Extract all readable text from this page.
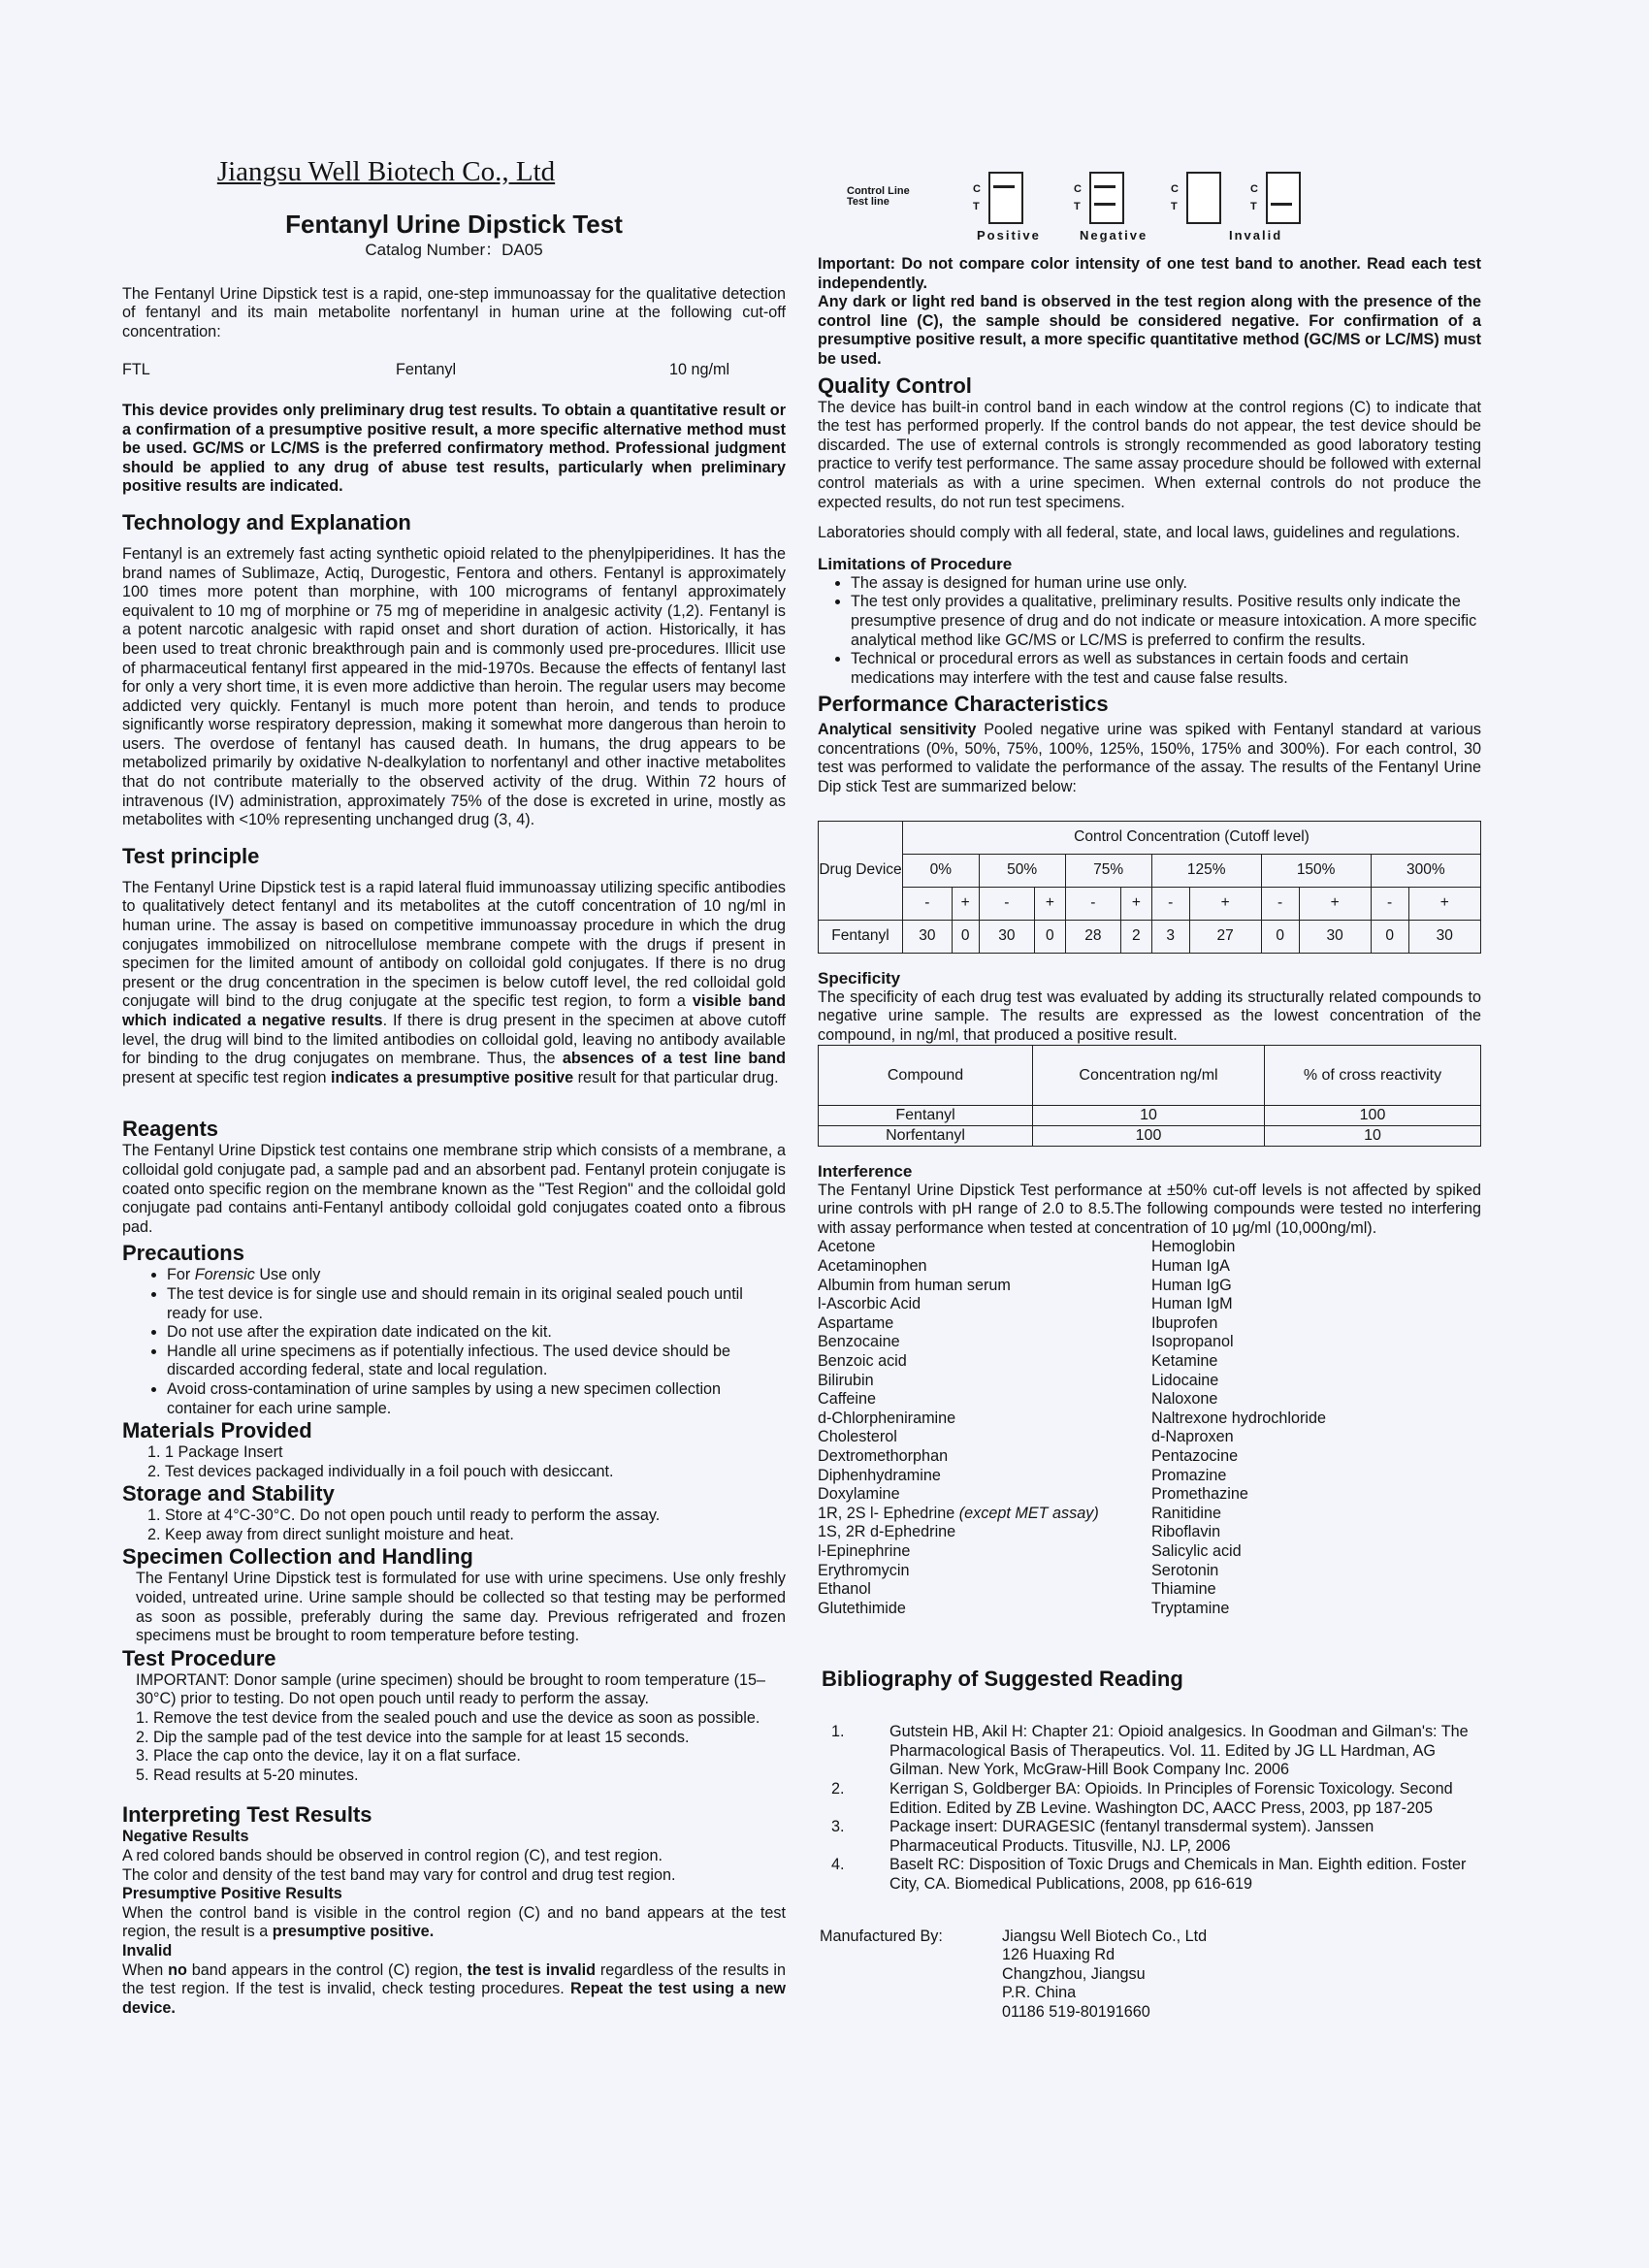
Jiangsu Well Biotech Co., Ltd
Fentanyl Urine Dipstick Test
Catalog Number：DA05

The Fentanyl Urine Dipstick test is a rapid, one-step immunoassay for the qualitative detection of fentanyl and its main metabolite norfentanyl in human urine at the following cut-off concentration:

FTL	Fentanyl	10 ng/ml

This device provides only preliminary drug test results. To obtain a quantitative result or a confirmation of a presumptive positive result, a more specific alternative method must be used. GC/MS or LC/MS is the preferred confirmatory method. Professional judgment should be applied to any drug of abuse test results, particularly when preliminary positive results are indicated.

Technology and Explanation

Fentanyl is an extremely fast acting synthetic opioid related to the phenylpiperidines. It has the brand names of Sublimaze, Actiq, Durogestic, Fentora and others. Fentanyl is approximately 100 times more potent than morphine, with 100 micrograms of fentanyl approximately equivalent to 10 mg of morphine or 75 mg of meperidine in analgesic activity (1,2). Fentanyl is a potent narcotic analgesic with rapid onset and short duration of action. Historically, it has been used to treat chronic breakthrough pain and is commonly used pre-procedures. Illicit use of pharmaceutical fentanyl first appeared in the mid-1970s. Because the effects of fentanyl last for only a very short time, it is even more addictive than heroin. The regular users may become addicted very quickly. Fentanyl is much more potent than heroin, and tends to produce significantly worse respiratory depression, making it somewhat more dangerous than heroin to users. The overdose of fentanyl has caused death. In humans, the drug appears to be metabolized primarily by oxidative N-dealkylation to norfentanyl and other inactive metabolites that do not contribute materially to the observed activity of the drug. Within 72 hours of intravenous (IV) administration, approximately 75% of the dose is excreted in urine, mostly as metabolites with <10% representing unchanged drug (3, 4).

Test principle

The Fentanyl Urine Dipstick test is a rapid lateral fluid immunoassay utilizing specific antibodies to qualitatively detect fentanyl and its metabolites at the cutoff concentration of 10 ng/ml in human urine. The assay is based on competitive immunoassay procedure in which the drug conjugates immobilized on nitrocellulose membrane compete with the drugs if present in specimen for the limited amount of antibody on colloidal gold conjugates. If there is no drug present or the drug concentration in the specimen is below cutoff level, the red colloidal gold conjugate will bind to the drug conjugate at the specific test region, to form a visible band which indicated a negative results. If there is drug present in the specimen at above cutoff level, the drug will bind to the limited antibodies on colloidal gold, leaving no antibody available for binding to the drug conjugates on membrane. Thus, the absences of a test line band present at specific test region indicates a presumptive positive result for that particular drug.

Reagents

The Fentanyl Urine Dipstick test contains one membrane strip which consists of a membrane, a colloidal gold conjugate pad, a sample pad and an absorbent pad. Fentanyl protein conjugate is coated onto specific region on the membrane known as the "Test Region" and the colloidal gold conjugate pad contains anti-Fentanyl antibody colloidal gold conjugates coated onto a fibrous pad.

Precautions
• For Forensic Use only
• The test device is for single use and should remain in its original sealed pouch until ready for use.
• Do not use after the expiration date indicated on the kit.
• Handle all urine specimens as if potentially infectious. The used device should be discarded according federal, state and local regulation.
• Avoid cross-contamination of urine samples by using a new specimen collection container for each urine sample.
Materials Provided
1. 1 Package Insert
2. Test devices packaged individually in a foil pouch with desiccant.
Storage and Stability
1. Store at 4°C-30°C. Do not open pouch until ready to perform the assay.
2. Keep away from direct sunlight moisture and heat.
Specimen Collection and Handling

The Fentanyl Urine Dipstick test is formulated for use with urine specimens. Use only freshly voided, untreated urine. Urine sample should be collected so that testing may be performed as soon as possible, preferably during the same day. Previous refrigerated and frozen specimens must be brought to room temperature before testing.

Test Procedure
IMPORTANT: Donor sample (urine specimen) should be brought to room temperature (15–30°C) prior to testing. Do not open pouch until ready to perform the assay.
1. Remove the test device from the sealed pouch and use the device as soon as possible.
2. Dip the sample pad of the test device into the sample for at least 15 seconds.
3. Place the cap onto the device, lay it on a flat surface.
5. Read results at 5-20 minutes.
Interpreting Test Results
Negative Results
A red colored bands should be observed in control region (C), and test region.
The color and density of the test band may vary for control and drug test region.
Presumptive Positive Results

When the control band is visible in the control region (C) and no band appears at the test region, the result is a presumptive positive.

Invalid

When no band appears in the control (C) region, the test is invalid regardless of the results in the test region. If the test is invalid, check testing procedures. Repeat the test using a new device.

Control Line
Test line
C
T
C
T
C
T
C
T
Positive	Negative	Invalid

Important: Do not compare color intensity of one test band to another. Read each test independently.

Any dark or light red band is observed in the test region along with the presence of the control line (C), the sample should be considered negative. For confirmation of a presumptive positive result, a more specific quantitative method (GC/MS or LC/MS) must be used.

Quality Control

The device has built-in control band in each window at the control regions (C) to indicate that the test has performed properly. If the control bands do not appear, the test device should be discarded. The use of external controls is strongly recommended as good laboratory testing practice to verify test performance. The same assay procedure should be followed with external control materials as with a urine specimen. When external controls do not produce the expected results, do not run test specimens.

Laboratories should comply with all federal, state, and local laws, guidelines and regulations.

Limitations of Procedure
• The assay is designed for human urine use only.
• The test only provides a qualitative, preliminary results. Positive results only indicate the presumptive presence of drug and do not indicate or measure intoxication. A more specific analytical method like GC/MS or LC/MS is preferred to confirm the results.
• Technical or procedural errors as well as substances in certain foods and certain medications may interfere with the test and cause false results.
Performance Characteristics

Analytical sensitivity Pooled negative urine was spiked with Fentanyl standard at various concentrations (0%, 50%, 75%, 100%, 125%, 150%, 175% and 300%). For each control, 30 test was performed to validate the performance of the assay. The results of the Fentanyl Urine Dip stick Test are summarized below:

Drug Device	Control Concentration (Cutoff level)											
	0%		50%		75%		125%		150%		300%	
	-	+	-	+	-	+	-	+	-	+	-	+
Fentanyl	30	0	30	0	28	2	3	27	0	30	0	30
Specificity

The specificity of each drug test was evaluated by adding its structurally related compounds to negative urine sample. The results are expressed as the lowest concentration of the compound, in ng/ml, that produced a positive result.

Compound	Concentration ng/ml	% of cross reactivity
Fentanyl	10	100
Norfentanyl	100	10
Interference

The Fentanyl Urine Dipstick Test performance at ±50% cut-off levels is not affected by spiked urine controls with pH range of 2.0 to 8.5.The following compounds were tested no interfering with assay performance when tested at concentration of 10 μg/ml (10,000ng/ml).

Acetone
Acetaminophen
Albumin from human serum
l-Ascorbic Acid
Aspartame
Benzocaine
Benzoic acid
Bilirubin
Caffeine
d-Chlorpheniramine
Cholesterol
Dextromethorphan
Diphenhydramine
Doxylamine
1R, 2S l- Ephedrine (except MET assay)
1S, 2R d-Ephedrine
l-Epinephrine
Erythromycin
Ethanol
Glutethimide
Hemoglobin
Human IgA
Human IgG
Human IgM
Ibuprofen
Isopropanol
Ketamine
Lidocaine
Naloxone
Naltrexone hydrochloride
d-Naproxen
Pentazocine
Promazine
Promethazine
Ranitidine
Riboflavin
Salicylic acid
Serotonin
Thiamine
Tryptamine
Bibliography of Suggested Reading
1.	Gutstein HB, Akil H: Chapter 21: Opioid analgesics. In Goodman and Gilman's: The Pharmacological Basis of Therapeutics. Vol. 11. Edited by JG LL Hardman, AG Gilman. New York, McGraw-Hill Book Company Inc. 2006
2.	Kerrigan S, Goldberger BA: Opioids. In Principles of Forensic Toxicology. Second Edition. Edited by ZB Levine. Washington DC, AACC Press, 2003, pp 187-205
3.	Package insert: DURAGESIC (fentanyl transdermal system). Janssen Pharmaceutical Products. Titusville, NJ. LP, 2006
4.	Baselt RC: Disposition of Toxic Drugs and Chemicals in Man. Eighth edition. Foster City, CA. Biomedical Publications, 2008, pp 616-619
Manufactured By:	Jiangsu Well Biotech Co., Ltd
126 Huaxing Rd
Changzhou, Jiangsu
P.R. China
01186 519-80191660
